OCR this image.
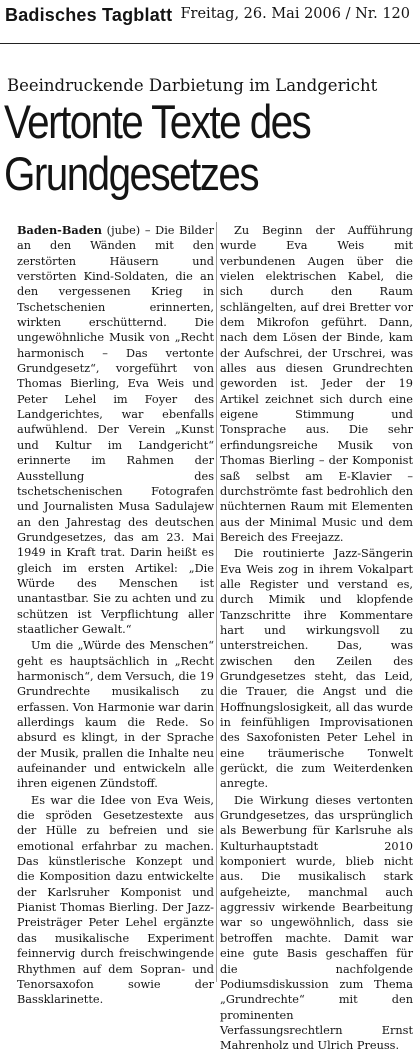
Badisches Tagblatt Freitag, 26. Mai 2006 / Nr. 120
Beeindruckende Darbietung im Landgericht
Vertonte Texte des
Grundgesetzes

Baden-Baden (jube) – Die Bilder an den Wänden mit den zerstörten Häusern und verstörten Kind-Soldaten, die an den vergessenen Krieg in Tschetschenien erinnerten, wirkten erschütternd. Die ungewöhnliche Musik von „Recht harmonisch – Das vertonte Grundgesetz“, vorgeführt von Thomas Bierling, Eva Weis und Peter Lehel im Foyer des Landgerichtes, war ebenfalls aufwühlend. Der Verein „Kunst und Kultur im Landgericht“ erinnerte im Rahmen der Ausstellung des tschetschenischen Fotografen und Journalisten Musa Sadulajew an den Jahrestag des deutschen Grundgesetzes, das am 23. Mai 1949 in Kraft trat. Darin heißt es gleich im ersten Artikel: „Die Würde des Menschen ist unantastbar. Sie zu achten und zu schützen ist Verpflichtung aller staatlicher Gewalt.“

Um die „Würde des Menschen“ geht es hauptsächlich in „Recht harmonisch“, dem Versuch, die 19 Grundrechte musikalisch zu erfassen. Von Harmonie war darin allerdings kaum die Rede. So absurd es klingt, in der Sprache der Musik, prallen die Inhalte neu aufeinander und entwickeln alle ihren eigenen Zündstoff.

Es war die Idee von Eva Weis, die spröden Gesetzestexte aus der Hülle zu befreien und sie emotional erfahrbar zu machen. Das künstlerische Konzept und die Komposition dazu entwickelte der Karlsruher Komponist und Pianist Thomas Bierling. Der Jazz-Preisträger Peter Lehel ergänzte das musikalische Experiment feinnervig durch freischwingende Rhythmen auf dem Sopran- und Tenorsaxofon sowie der Bassklarinette.

Zu Beginn der Aufführung wurde Eva Weis mit verbundenen Augen über die vielen elektrischen Kabel, die sich durch den Raum schlängelten, auf drei Bretter vor dem Mikrofon geführt. Dann, nach dem Lösen der Binde, kam der Aufschrei, der Urschrei, was alles aus diesen Grundrechten geworden ist. Jeder der 19 Artikel zeichnet sich durch eine eigene Stimmung und Tonsprache aus. Die sehr erfindungsreiche Musik von Thomas Bierling – der Komponist saß selbst am E-Klavier – durchströmte fast bedrohlich den nüchternen Raum mit Elementen aus der Minimal Music und dem Bereich des Freejazz.

Die routinierte Jazz-Sängerin Eva Weis zog in ihrem Vokalpart alle Register und verstand es, durch Mimik und klopfende Tanzschritte ihre Kommentare hart und wirkungsvoll zu unterstreichen. Das, was zwischen den Zeilen des Grundgesetzes steht, das Leid, die Trauer, die Angst und die Hoffnungslosigkeit, all das wurde in feinfühligen Improvisationen des Saxofonisten Peter Lehel in eine träumerische Tonwelt gerückt, die zum Weiterdenken anregte.

Die Wirkung dieses vertonten Grundgesetzes, das ursprünglich als Bewerbung für Karlsruhe als Kulturhauptstadt 2010 komponiert wurde, blieb nicht aus. Die musikalisch stark aufgeheizte, manchmal auch aggressiv wirkende Bearbeitung war so ungewöhnlich, dass sie betroffen machte. Damit war eine gute Basis geschaffen für die nachfolgende Podiumsdiskussion zum Thema „Grundrechte“ mit den prominenten Verfassungsrechtlern Ernst Mahrenholz und Ulrich Preuss.
